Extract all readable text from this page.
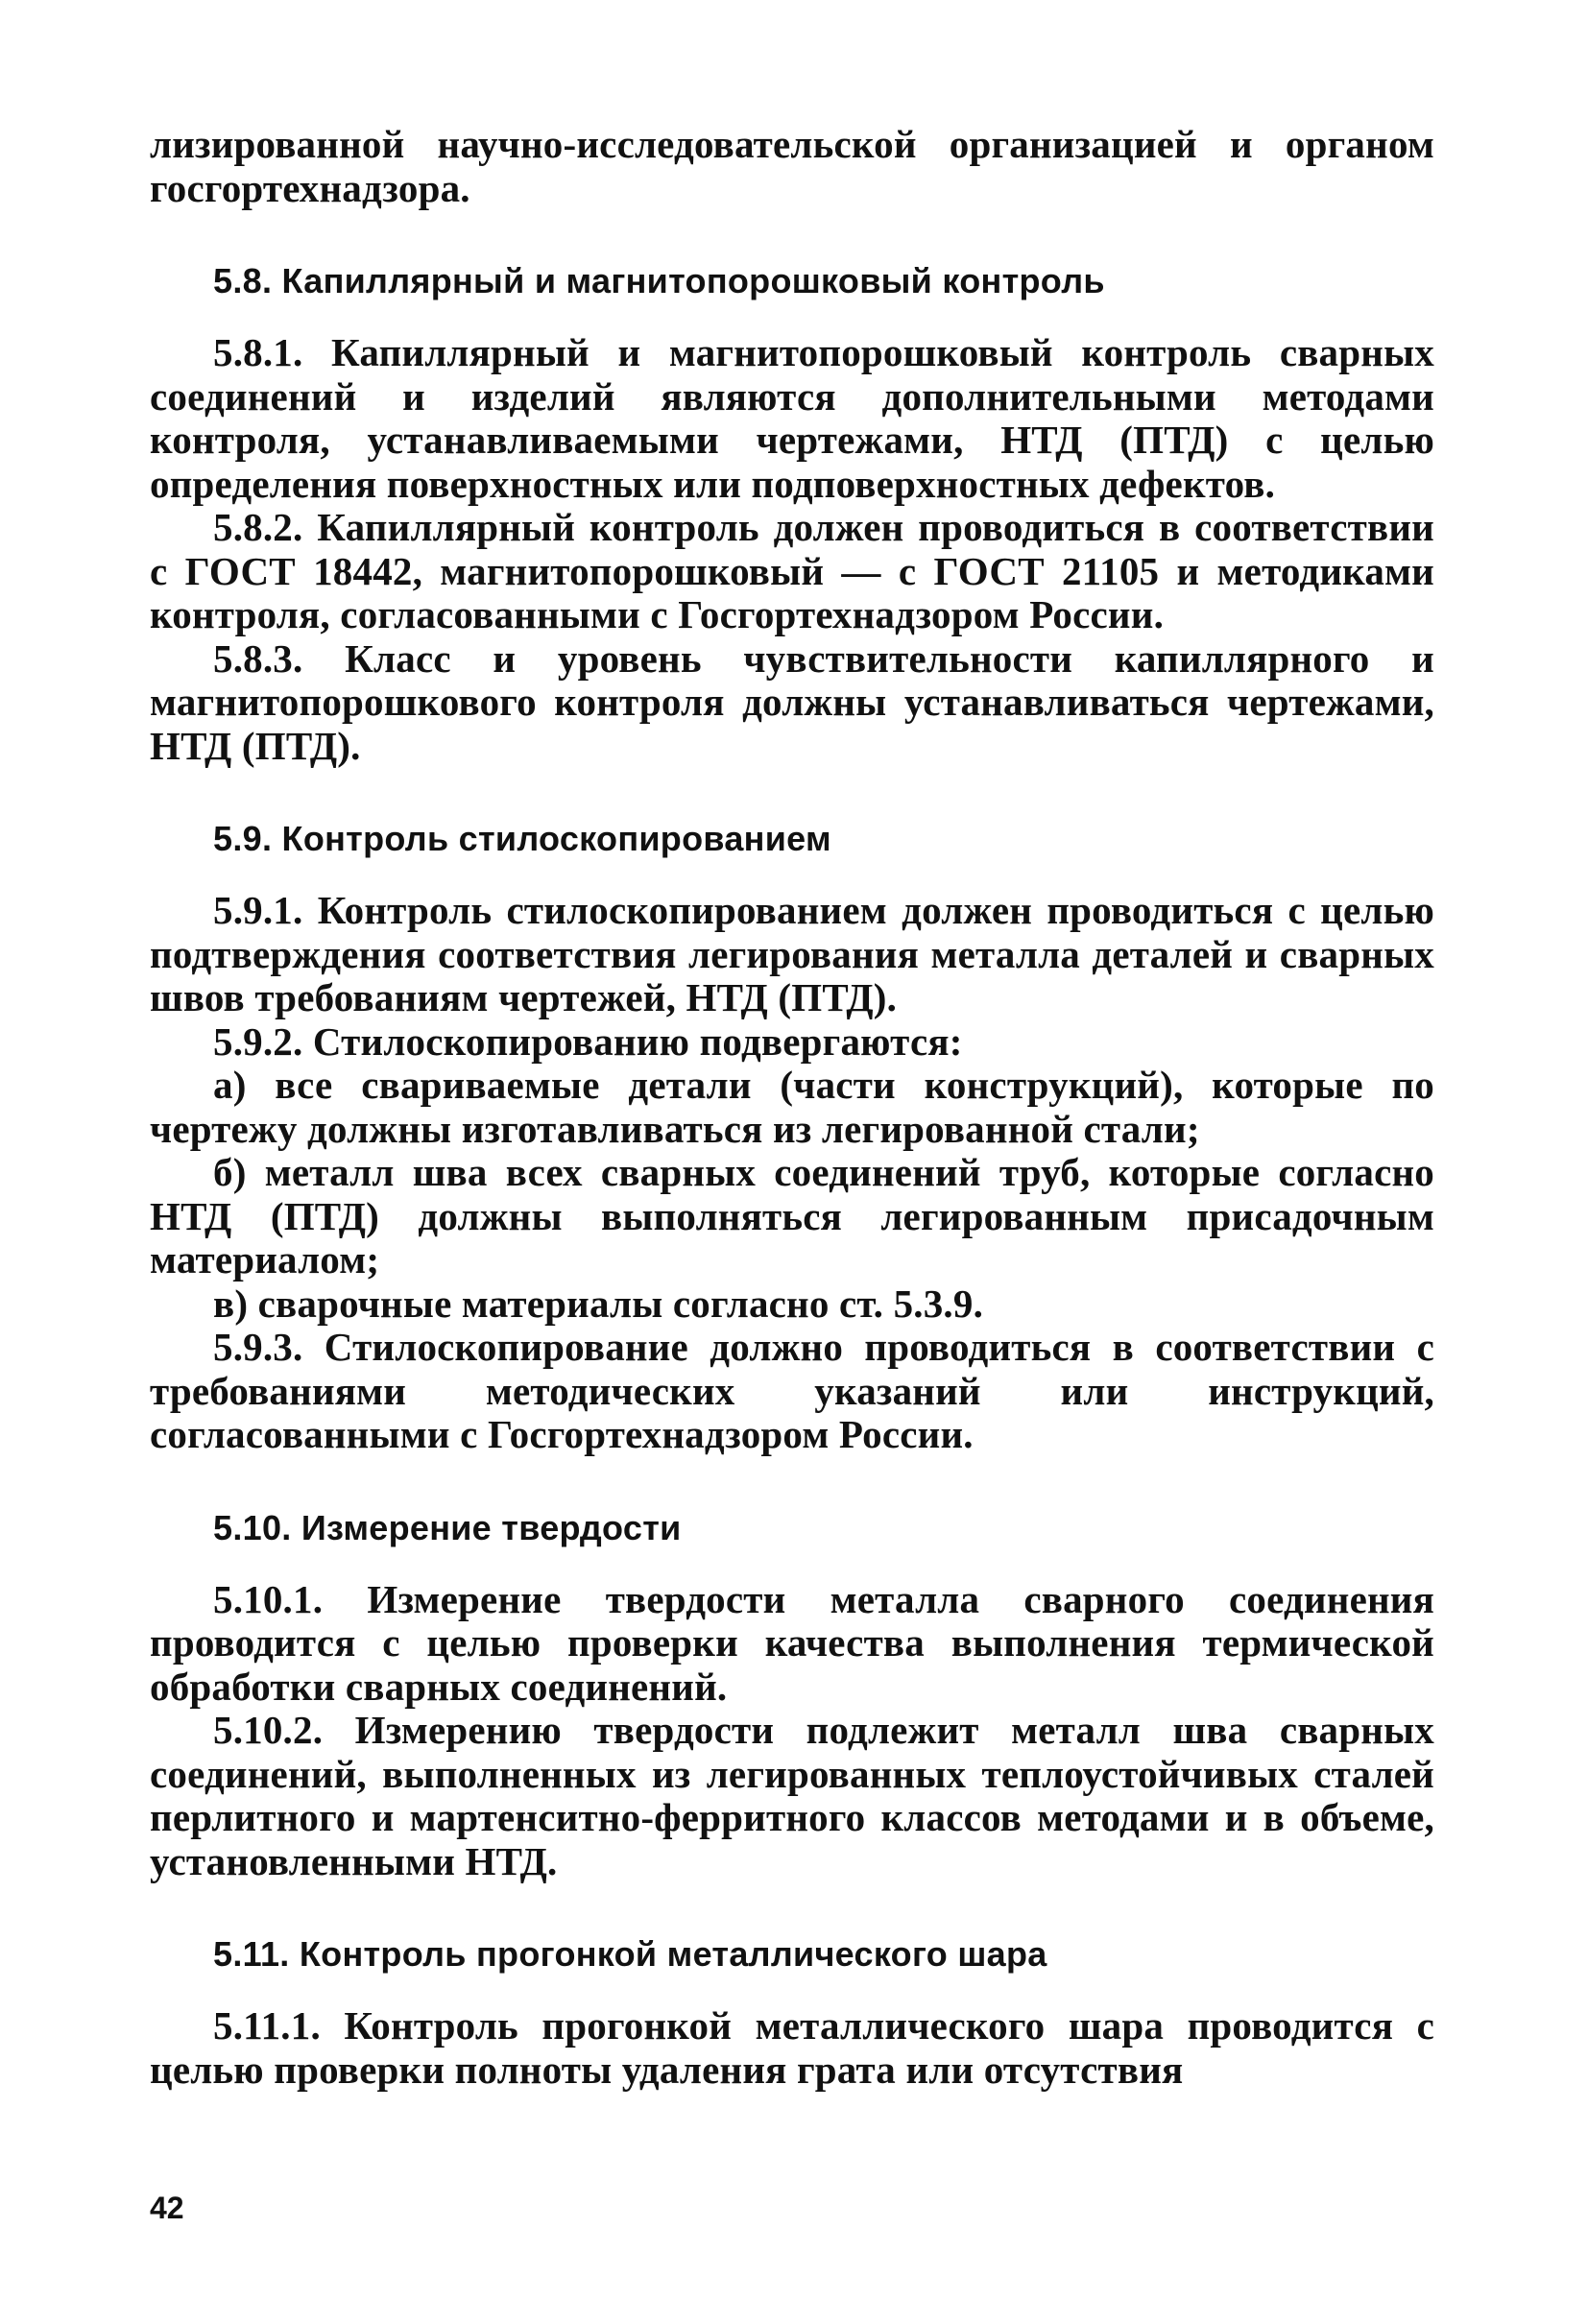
лизированной научно-исследовательской организацией и органом госгортехнадзора.

5.8. Капиллярный и магнитопорошковый контроль

5.8.1. Капиллярный и магнитопорошковый контроль сварных соединений и изделий являются дополнительными методами контроля, устанавливаемыми чертежами, НТД (ПТД) с целью определения поверхностных или подповерхностных дефектов.

5.8.2. Капиллярный контроль должен проводиться в соответствии с ГОСТ 18442, магнитопорошковый — с ГОСТ 21105 и методиками контроля, согласованными с Госгортехнадзором России.

5.8.3. Класс и уровень чувствительности капиллярного и магнитопорошкового контроля должны устанавливаться чертежами, НТД (ПТД).

5.9. Контроль стилоскопированием

5.9.1. Контроль стилоскопированием должен проводиться с целью подтверждения соответствия легирования металла деталей и сварных швов требованиям чертежей, НТД (ПТД).

5.9.2. Стилоскопированию подвергаются:

а) все свариваемые детали (части конструкций), которые по чертежу должны изготавливаться из легированной стали;

б) металл шва всех сварных соединений труб, которые согласно НТД (ПТД) должны выполняться легированным присадочным материалом;

в) сварочные материалы согласно ст. 5.3.9.

5.9.3. Стилоскопирование должно проводиться в соответствии с требованиями методических указаний или инструкций, согласованными с Госгортехнадзором России.

5.10. Измерение твердости

5.10.1. Измерение твердости металла сварного соединения проводится с целью проверки качества выполнения термической обработки сварных соединений.

5.10.2. Измерению твердости подлежит металл шва сварных соединений, выполненных из легированных теплоустойчивых сталей перлитного и мартенситно-ферритного классов методами и в объеме, установленными НТД.

5.11. Контроль прогонкой металлического шара

5.11.1. Контроль прогонкой металлического шара проводится с целью проверки полноты удаления грата или отсутствия

42
